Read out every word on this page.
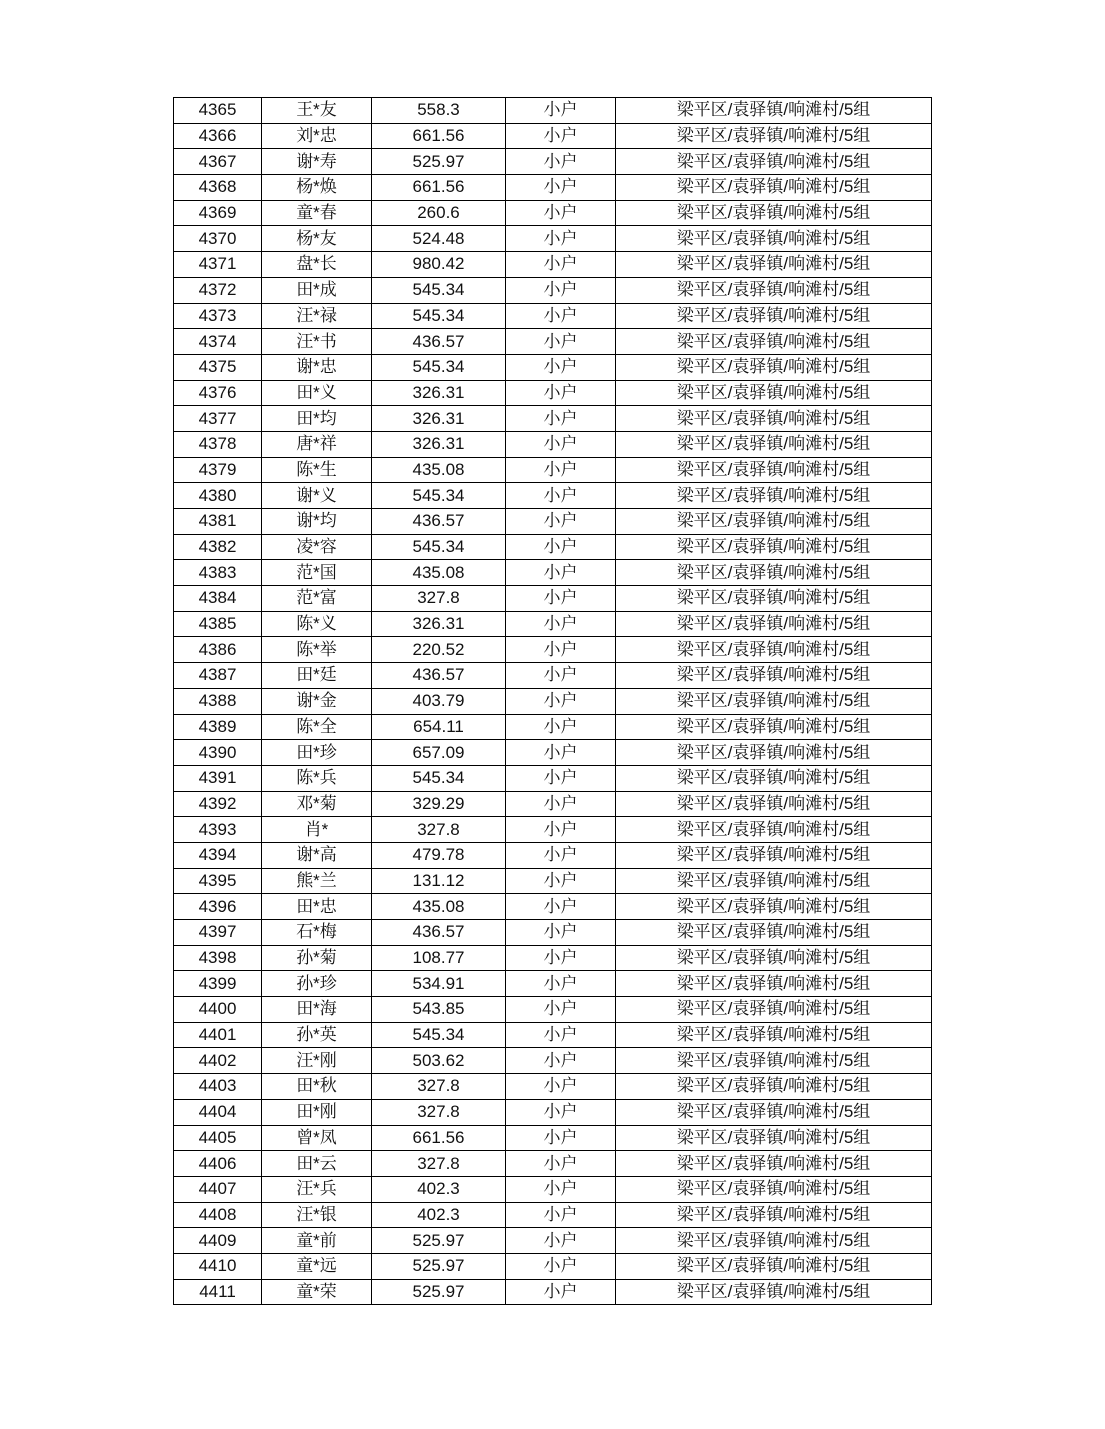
4365	王*友	558.3	小户	梁平区/袁驿镇/响滩村/5组
4366	刘*忠	661.56	小户	梁平区/袁驿镇/响滩村/5组
4367	谢*寿	525.97	小户	梁平区/袁驿镇/响滩村/5组
4368	杨*焕	661.56	小户	梁平区/袁驿镇/响滩村/5组
4369	童*春	260.6	小户	梁平区/袁驿镇/响滩村/5组
4370	杨*友	524.48	小户	梁平区/袁驿镇/响滩村/5组
4371	盘*长	980.42	小户	梁平区/袁驿镇/响滩村/5组
4372	田*成	545.34	小户	梁平区/袁驿镇/响滩村/5组
4373	汪*禄	545.34	小户	梁平区/袁驿镇/响滩村/5组
4374	汪*书	436.57	小户	梁平区/袁驿镇/响滩村/5组
4375	谢*忠	545.34	小户	梁平区/袁驿镇/响滩村/5组
4376	田*义	326.31	小户	梁平区/袁驿镇/响滩村/5组
4377	田*均	326.31	小户	梁平区/袁驿镇/响滩村/5组
4378	唐*祥	326.31	小户	梁平区/袁驿镇/响滩村/5组
4379	陈*生	435.08	小户	梁平区/袁驿镇/响滩村/5组
4380	谢*义	545.34	小户	梁平区/袁驿镇/响滩村/5组
4381	谢*均	436.57	小户	梁平区/袁驿镇/响滩村/5组
4382	凌*容	545.34	小户	梁平区/袁驿镇/响滩村/5组
4383	范*国	435.08	小户	梁平区/袁驿镇/响滩村/5组
4384	范*富	327.8	小户	梁平区/袁驿镇/响滩村/5组
4385	陈*义	326.31	小户	梁平区/袁驿镇/响滩村/5组
4386	陈*举	220.52	小户	梁平区/袁驿镇/响滩村/5组
4387	田*廷	436.57	小户	梁平区/袁驿镇/响滩村/5组
4388	谢*金	403.79	小户	梁平区/袁驿镇/响滩村/5组
4389	陈*全	654.11	小户	梁平区/袁驿镇/响滩村/5组
4390	田*珍	657.09	小户	梁平区/袁驿镇/响滩村/5组
4391	陈*兵	545.34	小户	梁平区/袁驿镇/响滩村/5组
4392	邓*菊	329.29	小户	梁平区/袁驿镇/响滩村/5组
4393	肖*	327.8	小户	梁平区/袁驿镇/响滩村/5组
4394	谢*高	479.78	小户	梁平区/袁驿镇/响滩村/5组
4395	熊*兰	131.12	小户	梁平区/袁驿镇/响滩村/5组
4396	田*忠	435.08	小户	梁平区/袁驿镇/响滩村/5组
4397	石*梅	436.57	小户	梁平区/袁驿镇/响滩村/5组
4398	孙*菊	108.77	小户	梁平区/袁驿镇/响滩村/5组
4399	孙*珍	534.91	小户	梁平区/袁驿镇/响滩村/5组
4400	田*海	543.85	小户	梁平区/袁驿镇/响滩村/5组
4401	孙*英	545.34	小户	梁平区/袁驿镇/响滩村/5组
4402	汪*刚	503.62	小户	梁平区/袁驿镇/响滩村/5组
4403	田*秋	327.8	小户	梁平区/袁驿镇/响滩村/5组
4404	田*刚	327.8	小户	梁平区/袁驿镇/响滩村/5组
4405	曾*凤	661.56	小户	梁平区/袁驿镇/响滩村/5组
4406	田*云	327.8	小户	梁平区/袁驿镇/响滩村/5组
4407	汪*兵	402.3	小户	梁平区/袁驿镇/响滩村/5组
4408	汪*银	402.3	小户	梁平区/袁驿镇/响滩村/5组
4409	童*前	525.97	小户	梁平区/袁驿镇/响滩村/5组
4410	童*远	525.97	小户	梁平区/袁驿镇/响滩村/5组
4411	童*荣	525.97	小户	梁平区/袁驿镇/响滩村/5组
